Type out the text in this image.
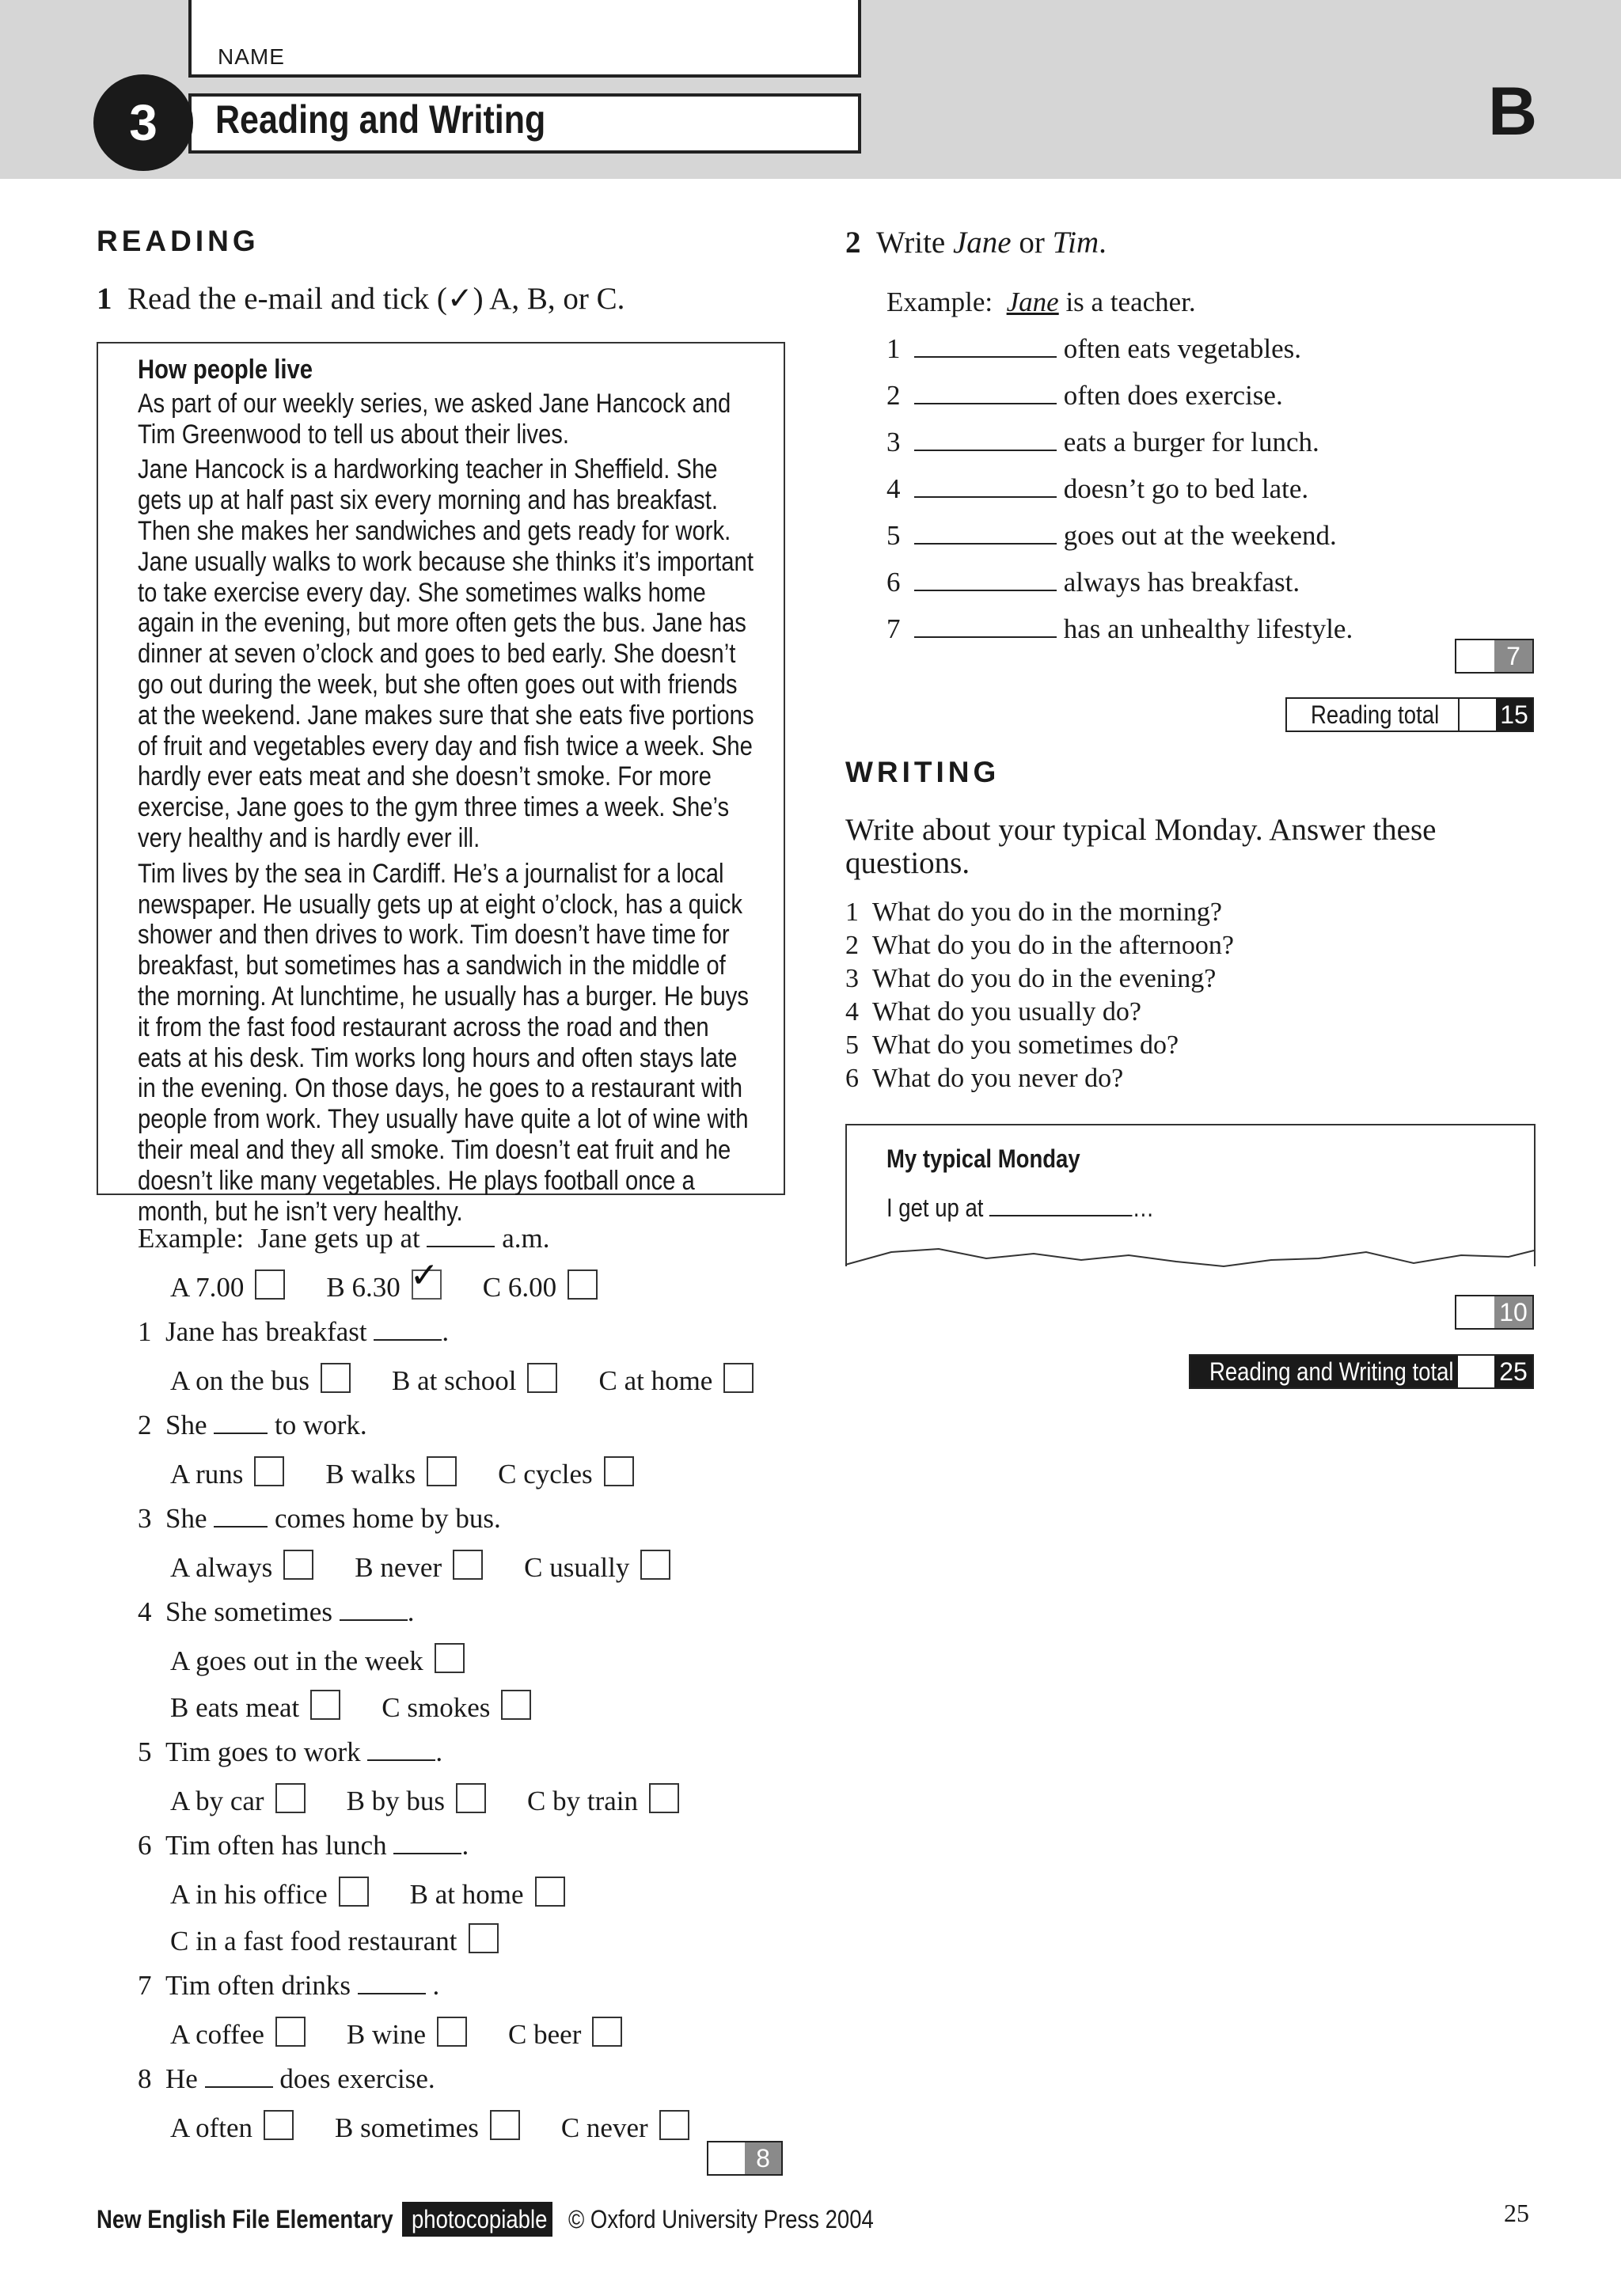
NAME
Reading and Writing
3	B
READING
1 Read the e-mail and tick (✓) A, B, or C.

How people live

As part of our weekly series, we asked Jane Hancock and Tim Greenwood to tell us about their lives.

Jane Hancock is a hardworking teacher in Sheffield. She gets up at half past six every morning and has breakfast. Then she makes her sandwiches and gets ready for work. Jane usually walks to work because she thinks it’s important to take exercise every day. She sometimes walks home again in the evening, but more often gets the bus. Jane has dinner at seven o’clock and goes to bed early. She doesn’t go out during the week, but she often goes out with friends at the weekend. Jane makes sure that she eats five portions of fruit and vegetables every day and fish twice a week. She hardly ever eats meat and she doesn’t smoke. For more exercise, Jane goes to the gym three times a week. She’s very healthy and is hardly ever ill.

Tim lives by the sea in Cardiff. He’s a journalist for a local newspaper. He usually gets up at eight o’clock, has a quick shower and then drives to work. Tim doesn’t have time for breakfast, but sometimes has a sandwich in the middle of the morning. At lunchtime, he usually has a burger. He buys it from the fast food restaurant across the road and then eats at his desk. Tim works long hours and often stays late in the evening. On those days, he goes to a restaurant with people from work. They usually have quite a lot of wine with their meal and they all smoke. Tim doesn’t eat fruit and he doesn’t like many vegetables. He plays football once a month, but he isn’t very healthy.

Example: Jane gets up at	a.m.
A 7.00	B 6.30 ✓ C 6.00
1 Jane has breakfast	.
A on the bus	B at school	C at home
2 She to work.
A runs	B walks	C cycles
3 She comes home by bus.
A always	B never	C usually
4 She sometimes	.
A goes out in the week
B eats meat	C smokes
5 Tim goes to work	.
A by car	B by bus	C by train
6 Tim often has lunch	.
A in his office	B at home
C in a fast food restaurant
7 Tim often drinks	.
A coffee	B wine	C beer
8 He	does exercise.
A often	B sometimes	C never
8
2 Write Jane or Tim.
Example: Jane is a teacher.
1	often eats vegetables.
2	often does exercise.
3	eats a burger for lunch.
4	doesn’t go to bed late.
5	goes out at the weekend.
6	always has breakfast.
7	has an unhealthy lifestyle.
7
Reading total 15
WRITING
Write about your typical Monday. Answer these questions.
1 What do you do in the morning?
2 What do you do in the afternoon?
3 What do you do in the evening?
4 What do you usually do?
5 What do you sometimes do?
6 What do you never do?
My typical Monday
I get up at	…
10
Reading and Writing total 25
New English File Elementary photocopiable © Oxford University Press 2004	25
